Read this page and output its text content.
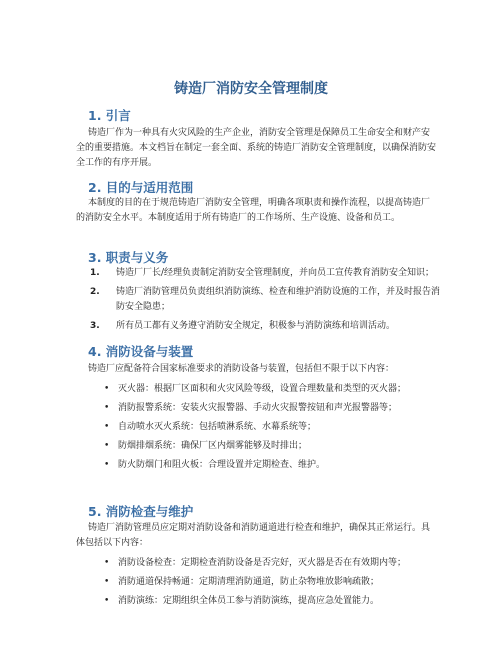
铸造厂消防安全管理制度
1. 引言

铸造厂作为一种具有火灾风险的生产企业，消防安全管理是保障员工生命安全和财产安全的重要措施。本文档旨在制定一套全面、系统的铸造厂消防安全管理制度，以确保消防安全工作的有序开展。

2. 目的与适用范围

本制度的目的在于规范铸造厂消防安全管理，明确各项职责和操作流程，以提高铸造厂的消防安全水平。本制度适用于所有铸造厂的工作场所、生产设施、设备和员工。

3. 职责与义务
1. 铸造厂厂长/经理负责制定消防安全管理制度，并向员工宣传教育消防安全知识；
2. 铸造厂消防管理员负责组织消防演练、检查和维护消防设施的工作，并及时报告消防安全隐患；
3. 所有员工都有义务遵守消防安全规定，积极参与消防演练和培训活动。
4. 消防设备与装置

铸造厂应配备符合国家标准要求的消防设备与装置，包括但不限于以下内容：

• 灭火器：根据厂区面积和火灾风险等级，设置合理数量和类型的灭火器；
• 消防报警系统：安装火灾报警器、手动火灾报警按钮和声光报警器等；
• 自动喷水灭火系统：包括喷淋系统、水幕系统等；
• 防烟排烟系统：确保厂区内烟雾能够及时排出；
• 防火防烟门和阻火板：合理设置并定期检查、维护。
5. 消防检查与维护

铸造厂消防管理员应定期对消防设备和消防通道进行检查和维护，确保其正常运行。具体包括以下内容：

• 消防设备检查：定期检查消防设备是否完好，灭火器是否在有效期内等；
• 消防通道保持畅通：定期清理消防通道，防止杂物堆放影响疏散；
• 消防演练：定期组织全体员工参与消防演练，提高应急处置能力。
